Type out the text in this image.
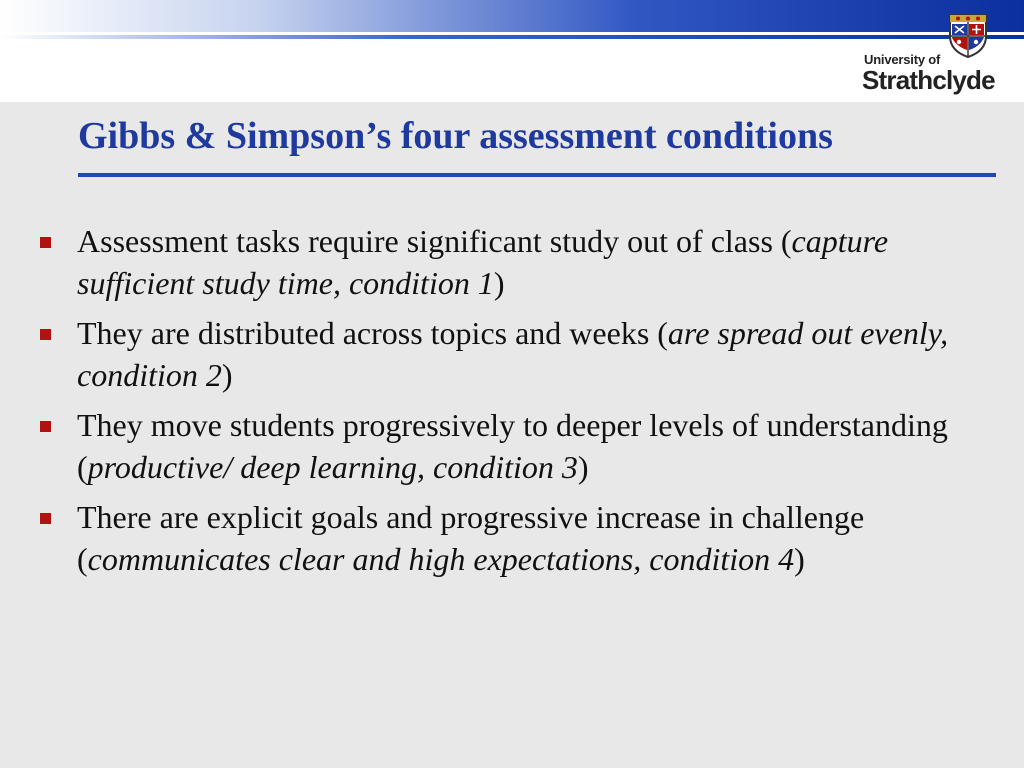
University of
Strathclyde
Gibbs & Simpson’s four assessment conditions
Assessment tasks require significant study out of class (capture sufficient study time, condition 1)
They are distributed across topics and weeks (are spread out evenly, condition 2)
They move students progressively to deeper levels of understanding (productive/ deep learning, condition 3)
There are explicit goals and progressive increase in challenge (communicates clear and high expectations, condition 4)
